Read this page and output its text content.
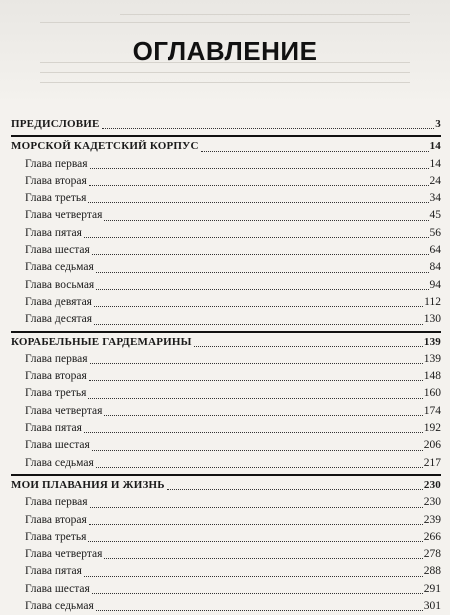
ОГЛАВЛЕНИЕ
ПРЕДИСЛОВИЕ	3
МОРСКОЙ КАДЕТСКИЙ КОРПУС	14
Глава первая	14
Глава вторая	24
Глава третья	34
Глава четвертая	45
Глава пятая	56
Глава шестая	64
Глава седьмая	84
Глава восьмая	94
Глава девятая	112
Глава десятая	130
КОРАБЕЛЬНЫЕ ГАРДЕМАРИНЫ	139
Глава первая	139
Глава вторая	148
Глава третья	160
Глава четвертая	174
Глава пятая	192
Глава шестая	206
Глава седьмая	217
МОИ ПЛАВАНИЯ И ЖИЗНЬ	230
Глава первая	230
Глава вторая	239
Глава третья	266
Глава четвертая	278
Глава пятая	288
Глава шестая	291
Глава седьмая	301
